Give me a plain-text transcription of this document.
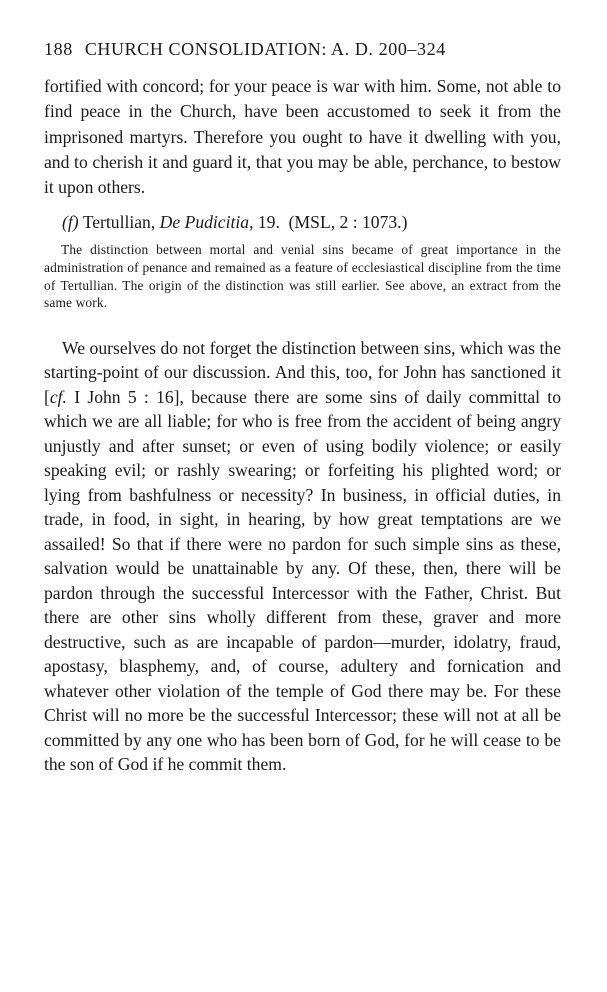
188 CHURCH CONSOLIDATION: A. D. 200–324

fortified with concord; for your peace is war with him. Some, not able to find peace in the Church, have been accustomed to seek it from the imprisoned martyrs. Therefore you ought to have it dwelling with you, and to cherish it and guard it, that you may be able, perchance, to bestow it upon others.

(f) Tertullian, De Pudicitia, 19. (MSL, 2 : 1073.)

The distinction between mortal and venial sins became of great importance in the administration of penance and remained as a feature of ecclesiastical discipline from the time of Tertullian. The origin of the distinction was still earlier. See above, an extract from the same work.

We ourselves do not forget the distinction between sins, which was the starting-point of our discussion. And this, too, for John has sanctioned it [cf. I John 5 : 16], because there are some sins of daily committal to which we are all liable; for who is free from the accident of being angry unjustly and after sunset; or even of using bodily violence; or easily speaking evil; or rashly swearing; or forfeiting his plighted word; or lying from bashfulness or necessity? In business, in official duties, in trade, in food, in sight, in hearing, by how great temptations are we assailed! So that if there were no pardon for such simple sins as these, salvation would be unattainable by any. Of these, then, there will be pardon through the successful Intercessor with the Father, Christ. But there are other sins wholly different from these, graver and more destructive, such as are incapable of pardon—murder, idolatry, fraud, apostasy, blasphemy, and, of course, adultery and fornication and whatever other violation of the temple of God there may be. For these Christ will no more be the successful Intercessor; these will not at all be committed by any one who has been born of God, for he will cease to be the son of God if he commit them.
